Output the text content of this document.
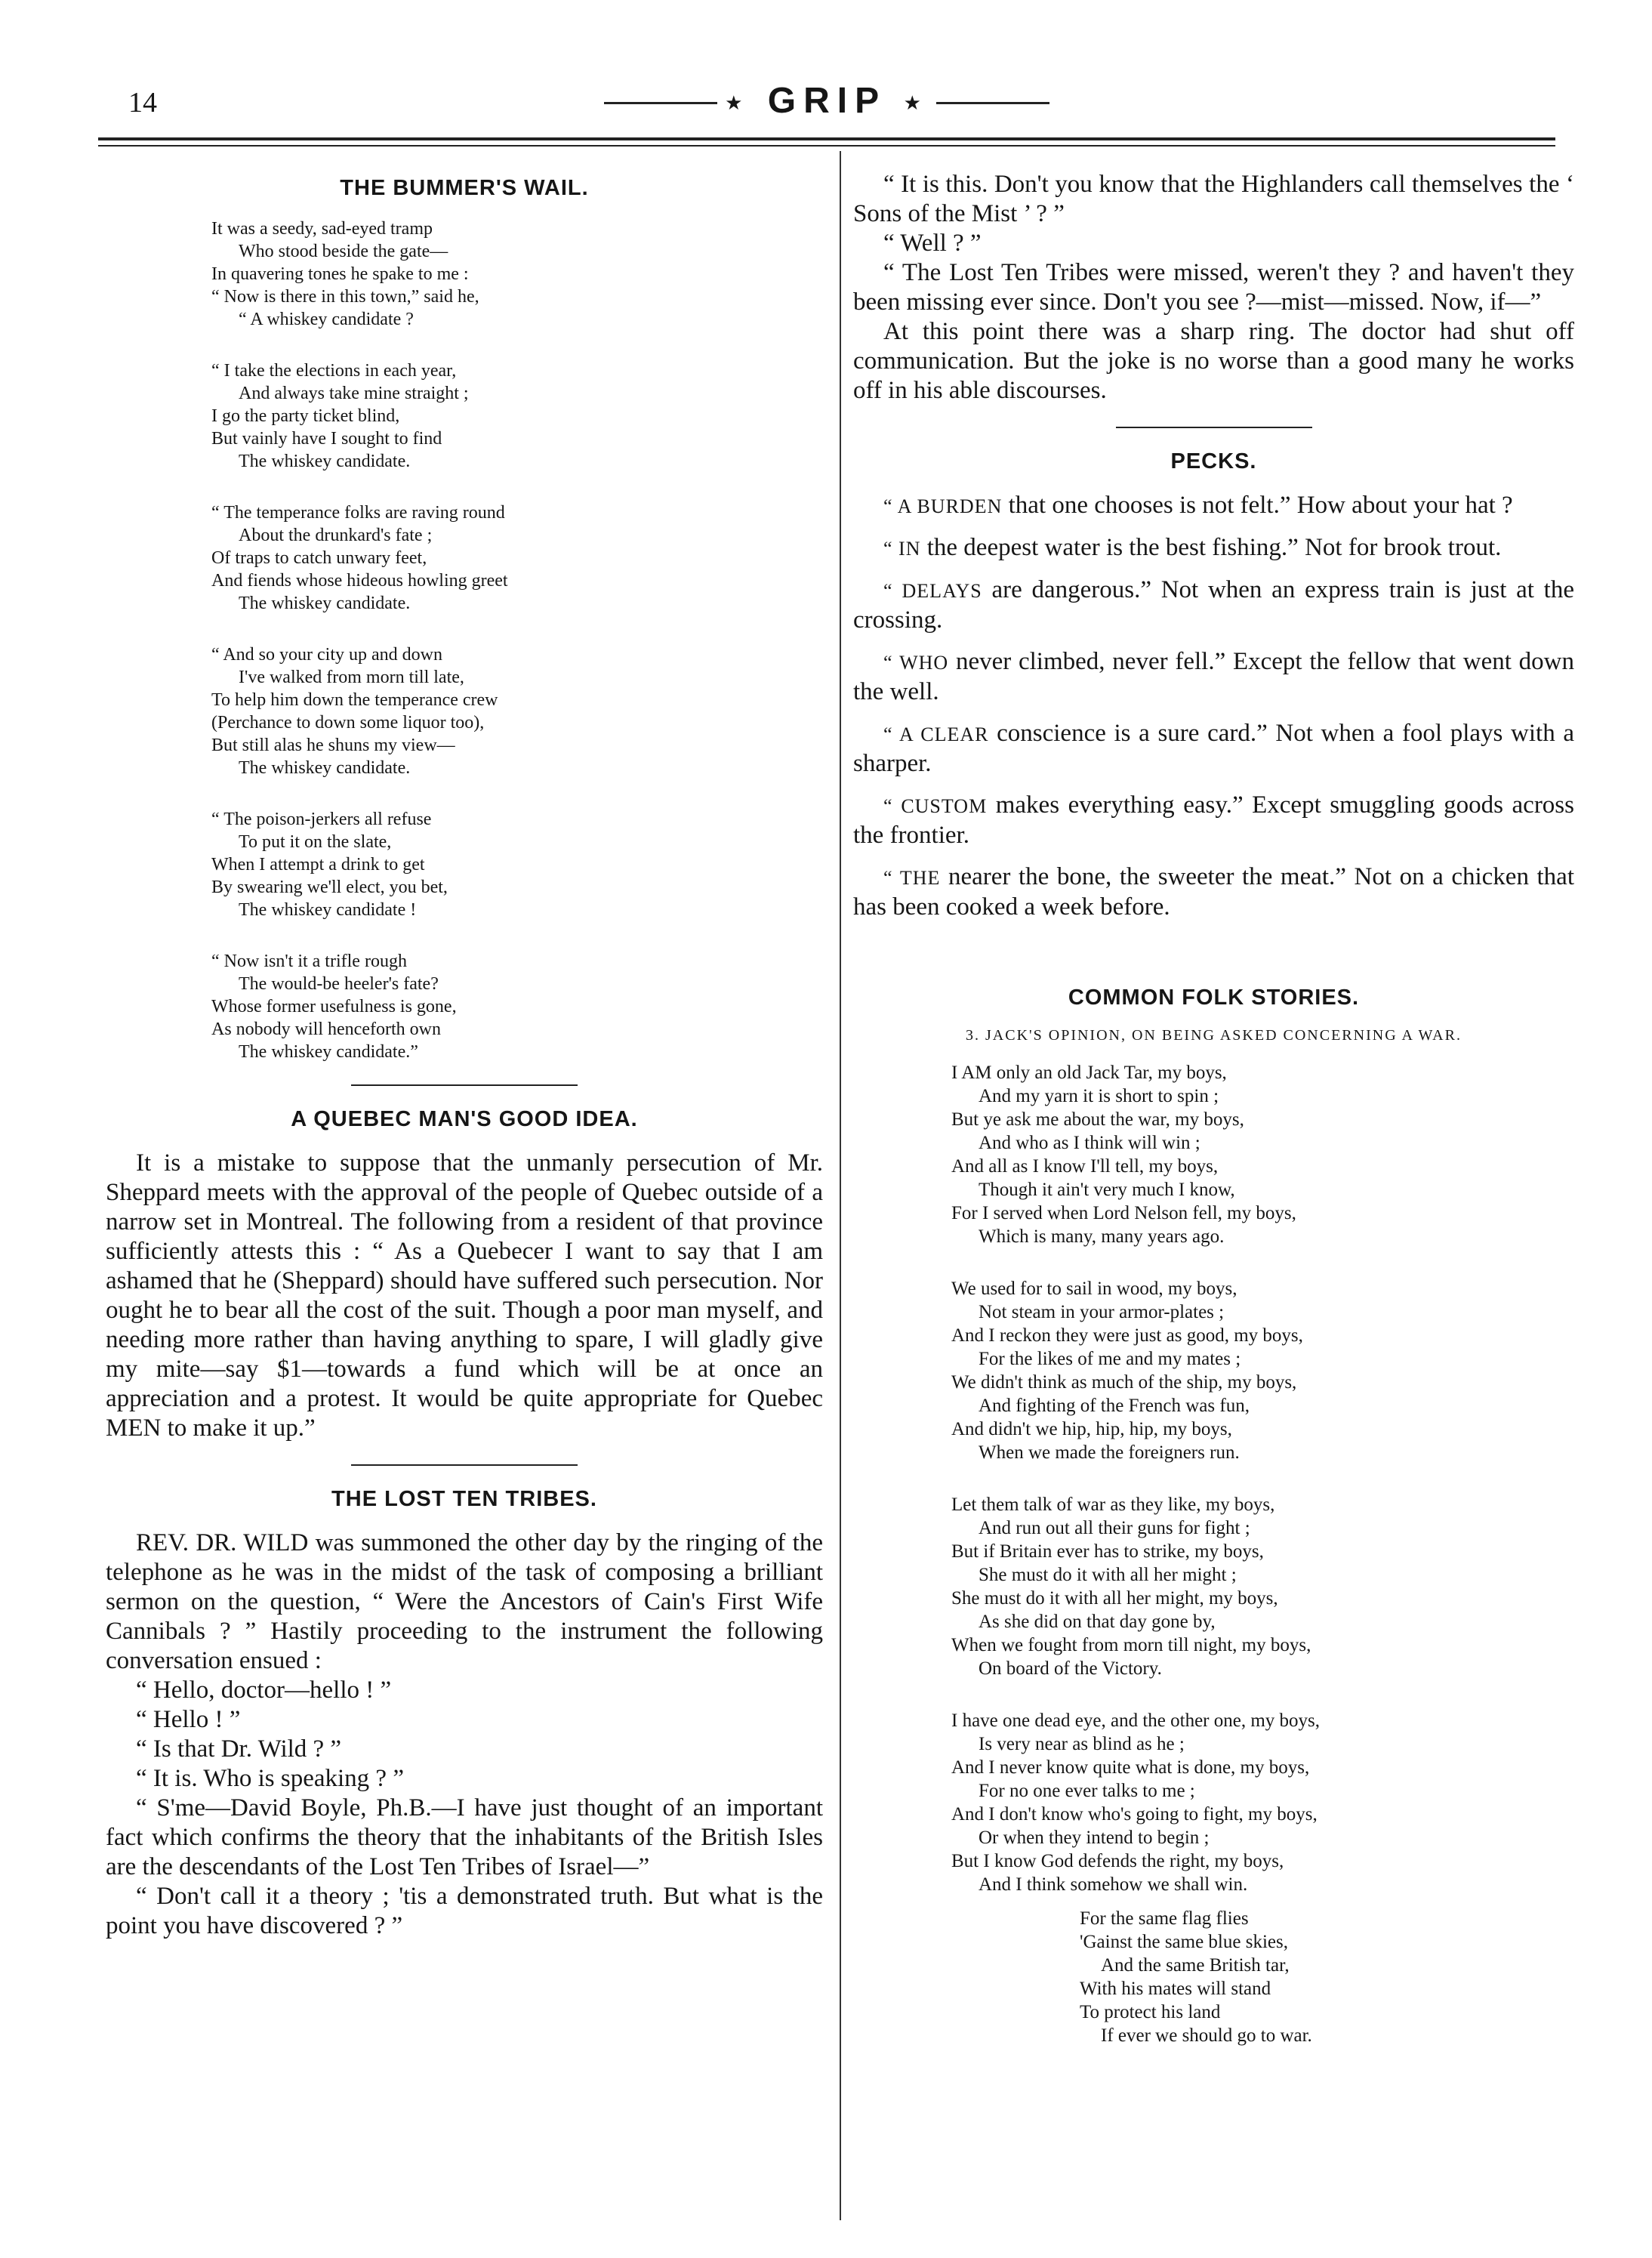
14	★ GRIP ★
THE BUMMER'S WAIL.
It was a seedy, sad-eyed tramp
Who stood beside the gate—
In quavering tones he spake to me :
“ Now is there in this town,” said he,
“ A whiskey candidate ?
“ I take the elections in each year,
And always take mine straight ;
I go the party ticket blind,
But vainly have I sought to find
The whiskey candidate.
“ The temperance folks are raving round
About the drunkard's fate ;
Of traps to catch unwary feet,
And fiends whose hideous howling greet
The whiskey candidate.
“ And so your city up and down
I've walked from morn till late,
To help him down the temperance crew
(Perchance to down some liquor too),
But still alas he shuns my view—
The whiskey candidate.
“ The poison-jerkers all refuse
To put it on the slate,
When I attempt a drink to get
By swearing we'll elect, you bet,
The whiskey candidate !
“ Now isn't it a trifle rough
The would-be heeler's fate?
Whose former usefulness is gone,
As nobody will henceforth own
The whiskey candidate.”
A QUEBEC MAN'S GOOD IDEA.

It is a mistake to suppose that the unmanly persecution of Mr. Sheppard meets with the approval of the people of Quebec outside of a narrow set in Montreal. The following from a resident of that province sufficiently attests this : “ As a Quebecer I want to say that I am ashamed that he (Sheppard) should have suffered such persecution. Nor ought he to bear all the cost of the suit. Though a poor man myself, and needing more rather than having anything to spare, I will gladly give my mite—say $1—towards a fund which will be at once an appreciation and a protest. It would be quite appropriate for Quebec MEN to make it up.”

THE LOST TEN TRIBES.

REV. DR. WILD was summoned the other day by the ringing of the telephone as he was in the midst of the task of composing a brilliant sermon on the question, “ Were the Ancestors of Cain's First Wife Cannibals ? ” Hastily proceeding to the instrument the following conversation ensued :

“ Hello, doctor—hello ! ”

“ Hello ! ”

“ Is that Dr. Wild ? ”

“ It is. Who is speaking ? ”

“ S'me—David Boyle, Ph.B.—I have just thought of an important fact which confirms the theory that the inhabitants of the British Isles are the descendants of the Lost Ten Tribes of Israel—”

“ Don't call it a theory ; 'tis a demonstrated truth. But what is the point you have discovered ? ”

“ It is this. Don't you know that the Highlanders call themselves the ‘ Sons of the Mist ’ ? ”

“ Well ? ”

“ The Lost Ten Tribes were missed, weren't they ? and haven't they been missing ever since. Don't you see ?—mist—missed. Now, if—”

At this point there was a sharp ring. The doctor had shut off communication. But the joke is no worse than a good many he works off in his able discourses.

PECKS.

“ A BURDEN that one chooses is not felt.” How about your hat ?

“ IN the deepest water is the best fishing.” Not for brook trout.

“ DELAYS are dangerous.” Not when an express train is just at the crossing.

“ WHO never climbed, never fell.” Except the fellow that went down the well.

“ A CLEAR conscience is a sure card.” Not when a fool plays with a sharper.

“ CUSTOM makes everything easy.” Except smuggling goods across the frontier.

“ THE nearer the bone, the sweeter the meat.” Not on a chicken that has been cooked a week before.

COMMON FOLK STORIES.
3. JACK'S OPINION, ON BEING ASKED CONCERNING A WAR.
I AM only an old Jack Tar, my boys,
And my yarn it is short to spin ;
But ye ask me about the war, my boys,
And who as I think will win ;
And all as I know I'll tell, my boys,
Though it ain't very much I know,
For I served when Lord Nelson fell, my boys,
Which is many, many years ago.
We used for to sail in wood, my boys,
Not steam in your armor-plates ;
And I reckon they were just as good, my boys,
For the likes of me and my mates ;
We didn't think as much of the ship, my boys,
And fighting of the French was fun,
And didn't we hip, hip, hip, my boys,
When we made the foreigners run.
Let them talk of war as they like, my boys,
And run out all their guns for fight ;
But if Britain ever has to strike, my boys,
She must do it with all her might ;
She must do it with all her might, my boys,
As she did on that day gone by,
When we fought from morn till night, my boys,
On board of the Victory.
I have one dead eye, and the other one, my boys,
Is very near as blind as he ;
And I never know quite what is done, my boys,
For no one ever talks to me ;
And I don't know who's going to fight, my boys,
Or when they intend to begin ;
But I know God defends the right, my boys,
And I think somehow we shall win.
For the same flag flies
'Gainst the same blue skies,
And the same British tar,
With his mates will stand
To protect his land
If ever we should go to war.
